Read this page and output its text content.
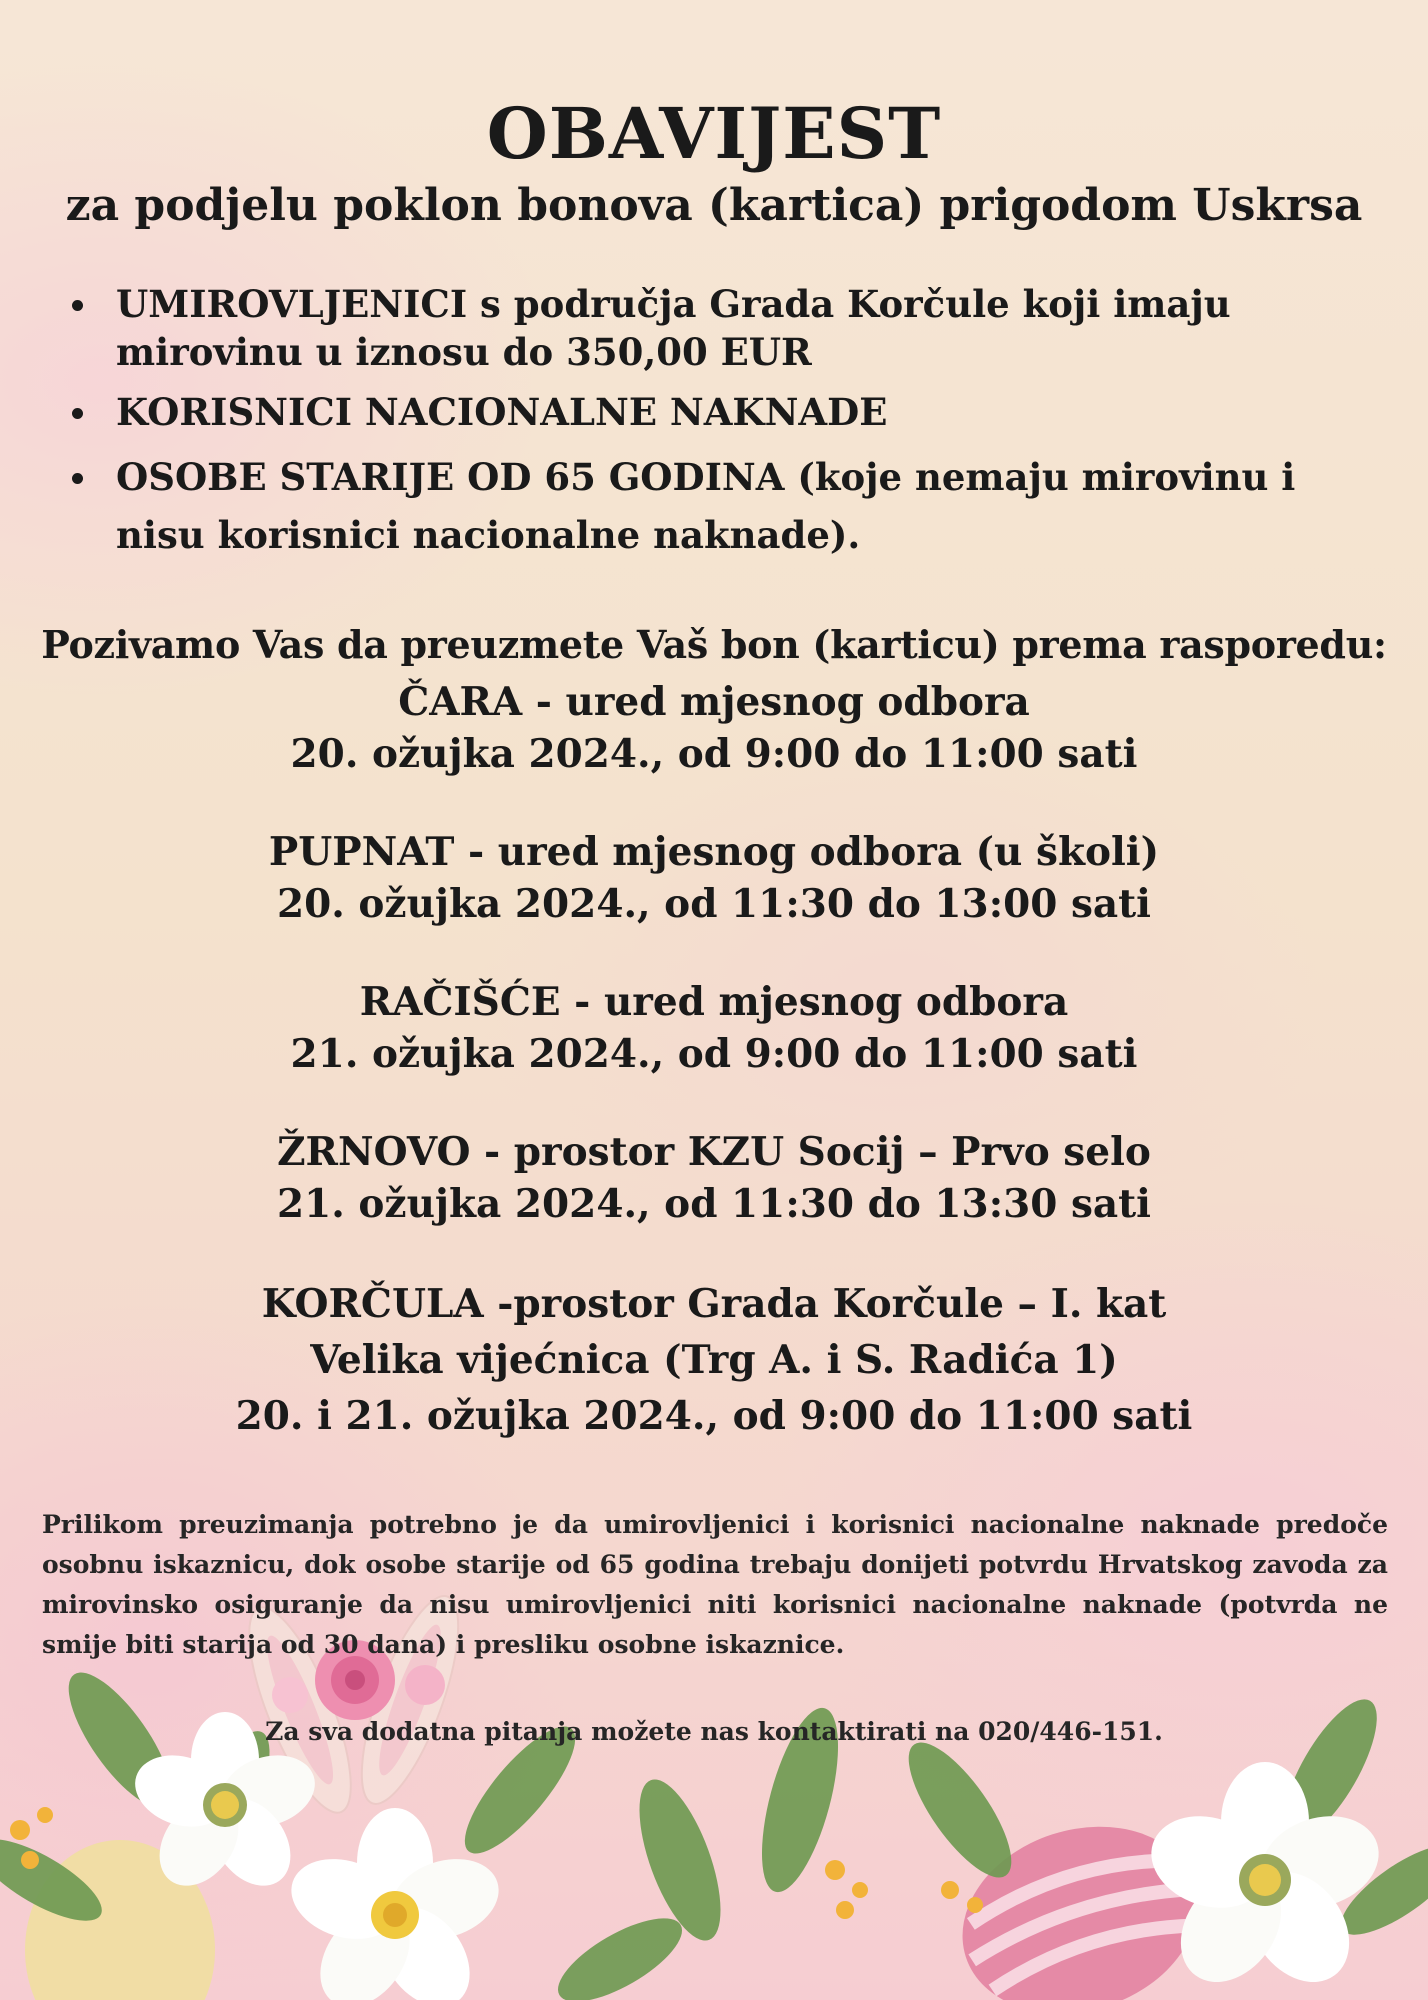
OBAVIJEST
za podjelu poklon bonova (kartica) prigodom Uskrsa
UMIROVLJENICI s područja Grada Korčule koji imaju mirovinu u iznosu do 350,00 EUR
KORISNICI NACIONALNE NAKNADE
OSOBE STARIJE OD 65 GODINA (koje nemaju mirovinu i nisu korisnici nacionalne naknade).

Pozivamo Vas da preuzmete Vaš bon (karticu) prema rasporedu:

ČARA - ured mjesnog odbora
20. ožujka 2024., od 9:00 do 11:00 sati
PUPNAT - ured mjesnog odbora (u školi)
20. ožujka 2024., od 11:30 do 13:00 sati
RAČIŠĆE - ured mjesnog odbora
21. ožujka 2024., od 9:00 do 11:00 sati
ŽRNOVO - prostor KZU Socij – Prvo selo
21. ožujka 2024., od 11:30 do 13:30 sati
KORČULA -prostor Grada Korčule – I. kat
Velika vijećnica (Trg A. i S. Radića 1)
20. i 21. ožujka 2024., od 9:00 do 11:00 sati

Prilikom preuzimanja potrebno je da umirovljenici i korisnici nacionalne naknade predoče osobnu iskaznicu, dok osobe starije od 65 godina trebaju donijeti potvrdu Hrvatskog zavoda za mirovinsko osiguranje da nisu umirovljenici niti korisnici nacionalne naknade (potvrda ne smije biti starija od 30 dana) i presliku osobne iskaznice.

Za sva dodatna pitanja možete nas kontaktirati na 020/446-151.
